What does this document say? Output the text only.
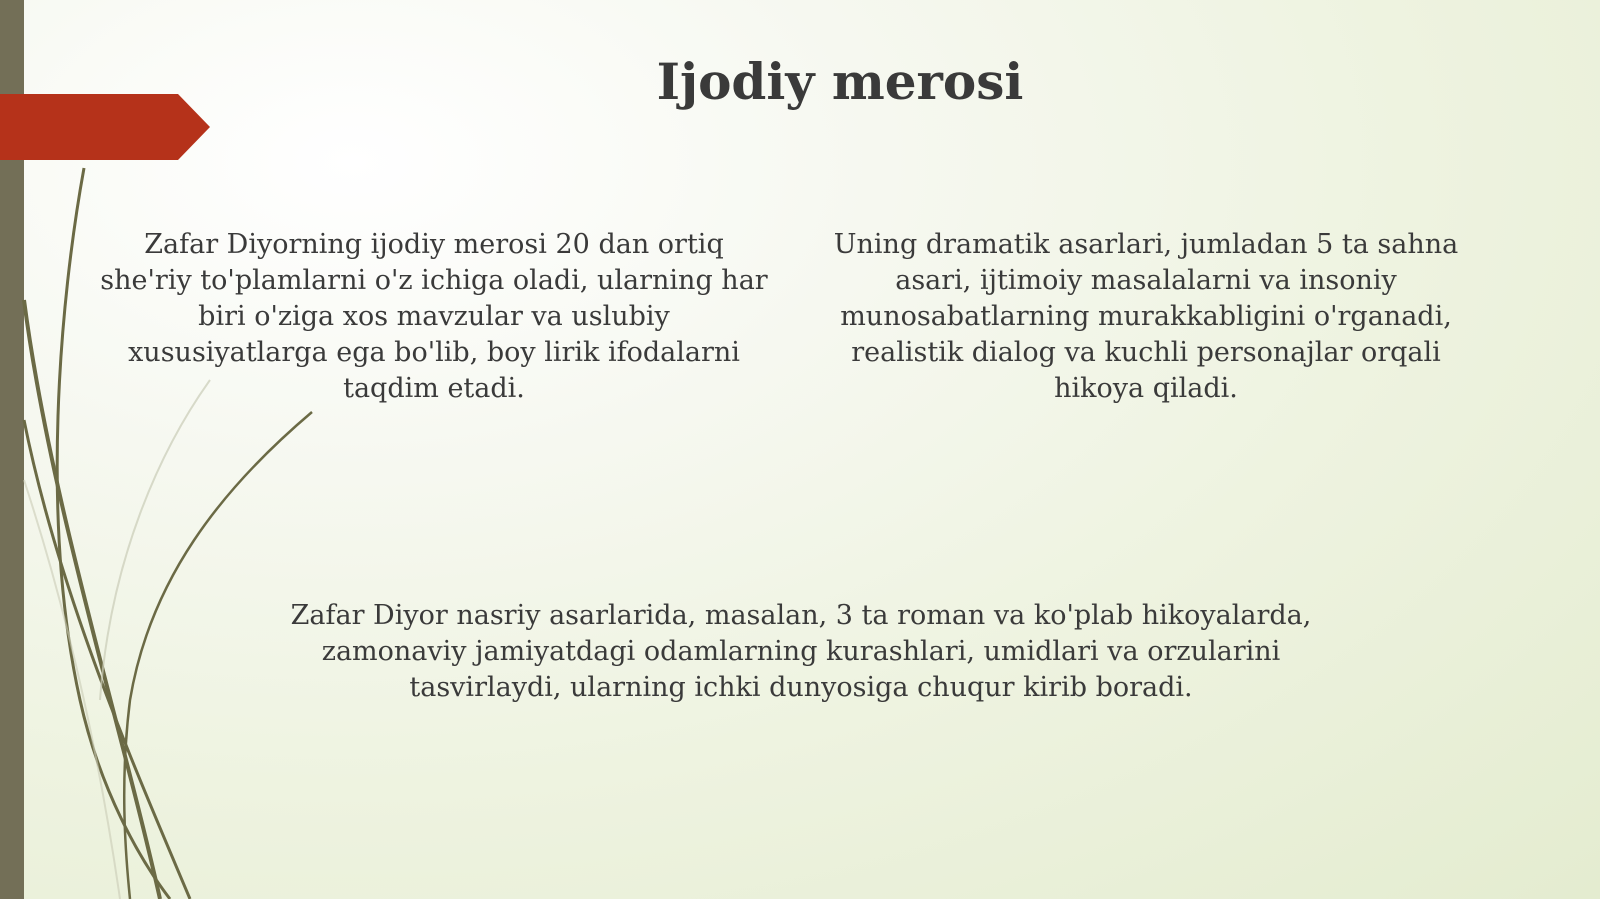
Ijodiy merosi

Zafar Diyorning ijodiy merosi 20 dan ortiq she'riy to'plamlarni o'z ichiga oladi, ularning har biri o'ziga xos mavzular va uslubiy xususiyatlarga ega bo'lib, boy lirik ifodalarni taqdim etadi.

Uning dramatik asarlari, jumladan 5 ta sahna asari, ijtimoiy masalalarni va insoniy munosabatlarning murakkabligini o'rganadi, realistik dialog va kuchli personajlar orqali hikoya qiladi.

Zafar Diyor nasriy asarlarida, masalan, 3 ta roman va ko'plab hikoyalarda, zamonaviy jamiyatdagi odamlarning kurashlari, umidlari va orzularini tasvirlaydi, ularning ichki dunyosiga chuqur kirib boradi.
